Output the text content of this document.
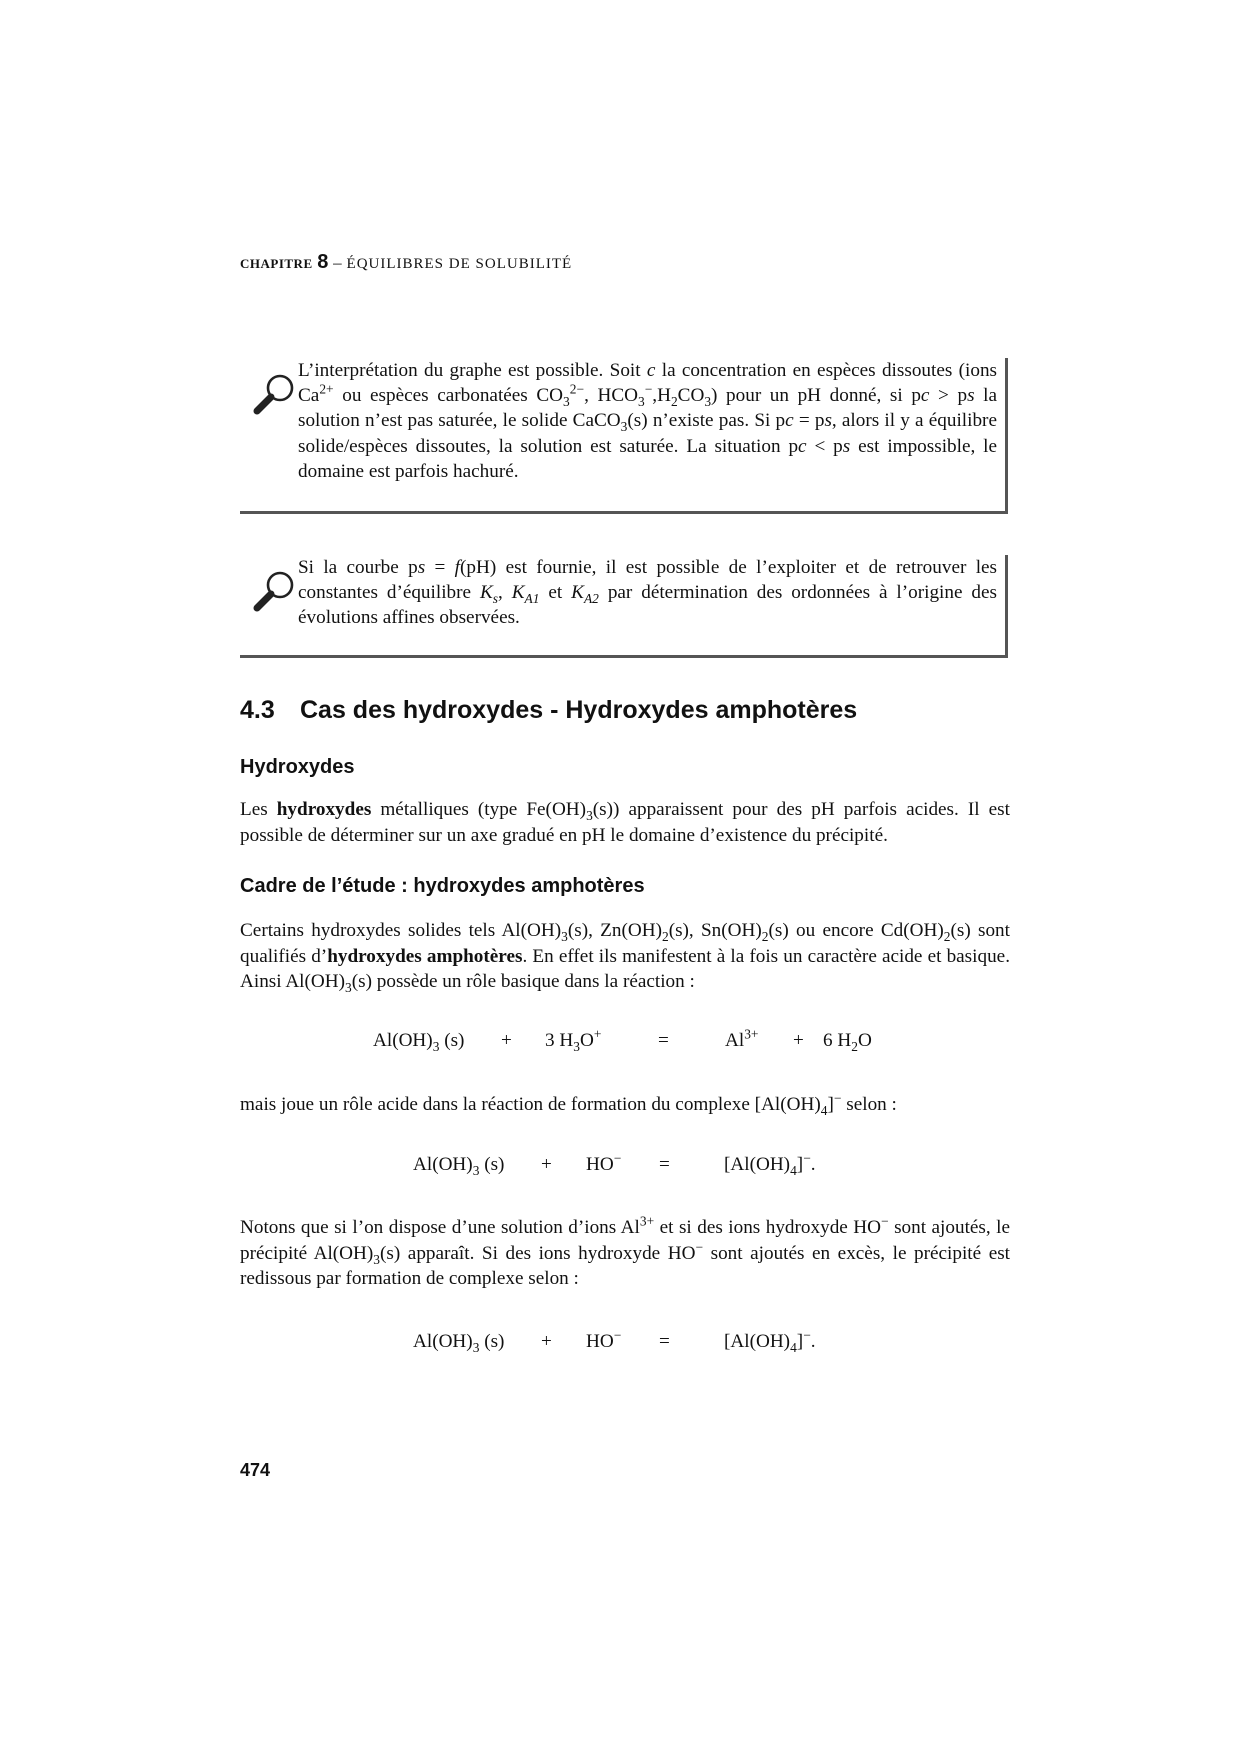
CHAPITRE 8 – ÉQUILIBRES DE SOLUBILITÉ
L’interprétation du graphe est possible. Soit c la concentration en espèces dissoutes (ions $Ca^{2+}$ ou espèces carbonatées $CO_3^{2-}$, $HCO_3^-,H_2CO_3$) pour un pH donné, si pc > ps la solution n’est pas saturée, le solide CaCO$_3$(s) n’existe pas. Si pc = ps, alors il y a équilibre solide/espèces dissoutes, la solution est saturée. La situation pc < ps est impossible, le domaine est parfois hachuré.
Si la courbe ps = f(pH) est fournie, il est possible de l’exploiter et de retrouver les constantes d’équilibre $K_s$, $K_{A1}$ et $K_{A2}$ par détermination des ordonnées à l’origine des évolutions affines observées.
4.3 Cas des hydroxydes - Hydroxydes amphotères
Hydroxydes

Les hydroxydes métalliques (type $Fe(OH)_3(s)$) apparaissent pour des pH parfois acides. Il est possible de déterminer sur un axe gradué en pH le domaine d’existence du précipité.

Cadre de l’étude : hydroxydes amphotères

Certains hydroxydes solides tels $Al(OH)_3(s)$, $Zn(OH)_2(s)$, $Sn(OH)_2(s)$ ou encore $Cd(OH)_2(s)$ sont qualifiés d’hydroxydes amphotères. En effet ils manifestent à la fois un caractère acide et basique. Ainsi $Al(OH)_3(s)$ possède un rôle basique dans la réaction :

$Al(OH)_3$ (s) + 3 $H_3O^+$	=	$Al^{3+} + 6$ $H_2O$

mais joue un rôle acide dans la réaction de formation du complexe $[Al(OH)_4]^-$ selon :

$Al(OH)_3$ (s) + HO− =	$[Al(OH)_4]^-$.

Notons que si l’on dispose d’une solution d’ions $Al^{3+}$ et si des ions hydroxyde HO− sont ajoutés, le précipité $Al(OH)_3(s)$ apparaît. Si des ions hydroxyde HO− sont ajoutés en excès, le précipité est redissous par formation de complexe selon :

$Al(OH)_3$ (s) + HO− =	$[Al(OH)_4]^-$.
474
